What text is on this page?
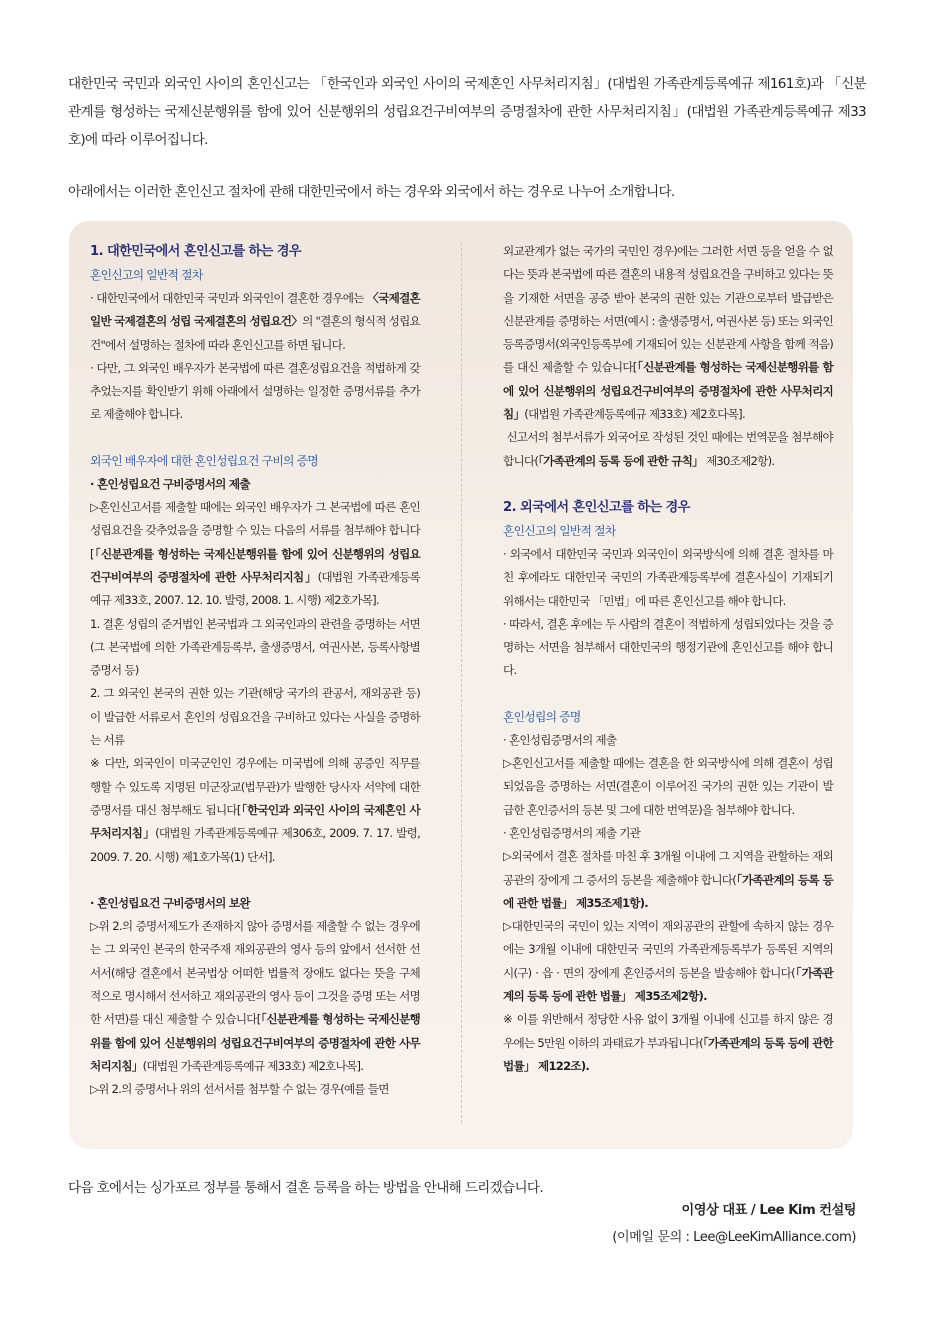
대한민국 국민과 외국인 사이의 혼인신고는 「한국인과 외국인 사이의 국제혼인 사무처리지침」(대법원 가족관계등록예규 제161호)과 「신분관계를 형성하는 국제신분행위를 함에 있어 신분행위의 성립요건구비여부의 증명절차에 관한 사무처리지침」(대법원 가족관계등록예규 제33호)에 따라 이루어집니다.
아래에서는 이러한 혼인신고 절차에 관해 대한민국에서 하는 경우와 외국에서 하는 경우로 나누어 소개합니다.

1. 대한민국에서 혼인신고를 하는 경우

혼인신고의 일반적 절차

· 대한민국에서 대한민국 국민과 외국인이 결혼한 경우에는 〈국제결혼 일반 국제결혼의 성립 국제결혼의 성립요건〉의 "결혼의 형식적 성립요건"에서 설명하는 절차에 따라 혼인신고를 하면 됩니다.

· 다만, 그 외국인 배우자가 본국법에 따른 결혼성립요건을 적법하게 갖추었는지를 확인받기 위해 아래에서 설명하는 일정한 증명서류를 추가로 제출해야 합니다.

외국인 배우자에 대한 혼인성립요건 구비의 증명

· 혼인성립요건 구비증명서의 제출

▷혼인신고서를 제출할 때에는 외국인 배우자가 그 본국법에 따른 혼인성립요건을 갖추었음을 증명할 수 있는 다음의 서류를 첨부해야 합니다[「신분관계를 형성하는 국제신분행위를 함에 있어 신분행위의 성립요건구비여부의 증명절차에 관한 사무처리지침」(대법원 가족관계등록예규 제33호, 2007. 12. 10. 발령, 2008. 1. 시행) 제2호가목].

1. 결혼 성립의 준거법인 본국법과 그 외국인과의 관련을 증명하는 서면(그 본국법에 의한 가족관계등록부, 출생증명서, 여권사본, 등록사항별 증명서 등)

2. 그 외국인 본국의 권한 있는 기관(해당 국가의 관공서, 재외공관 등)이 발급한 서류로서 혼인의 성립요건을 구비하고 있다는 사실을 증명하는 서류

※ 다만, 외국인이 미국군인인 경우에는 미국법에 의해 공증인 직무를 행할 수 있도록 지명된 미군장교(법무관)가 발행한 당사자 서약에 대한 증명서를 대신 첨부해도 됩니다[「한국인과 외국인 사이의 국제혼인 사무처리지침」(대법원 가족관계등록예규 제306호, 2009. 7. 17. 발령, 2009. 7. 20. 시행) 제1호가목(1) 단서].

· 혼인성립요건 구비증명서의 보완

▷위 2.의 증명서제도가 존재하지 않아 증명서를 제출할 수 없는 경우에는 그 외국인 본국의 한국주재 재외공관의 영사 등의 앞에서 선서한 선서서(해당 결혼에서 본국법상 어떠한 법률적 장애도 없다는 뜻을 구체적으로 명시해서 선서하고 재외공관의 영사 등이 그것을 증명 또는 서명한 서면)를 대신 제출할 수 있습니다[「신분관계를 형성하는 국제신분행위를 함에 있어 신분행위의 성립요건구비여부의 증명절차에 관한 사무처리지침」(대법원 가족관계등록예규 제33호) 제2호나목].

▷위 2.의 증명서나 위의 선서서를 첨부할 수 없는 경우(예를 들면

외교관계가 없는 국가의 국민인 경우)에는 그러한 서면 등을 얻을 수 없다는 뜻과 본국법에 따른 결혼의 내용적 성립요건을 구비하고 있다는 뜻을 기재한 서면을 공증 받아 본국의 권한 있는 기관으로부터 발급받은 신분관계를 증명하는 서면(예시 : 출생증명서, 여권사본 등) 또는 외국인등록증명서(외국인등록부에 기재되어 있는 신분관계 사항을 함께 적음)를 대신 제출할 수 있습니다[「신분관계를 형성하는 국제신분행위를 함에 있어 신분행위의 성립요건구비여부의 증명절차에 관한 사무처리지침」(대법원 가족관계등록예규 제33호) 제2호다목].

신고서의 첨부서류가 외국어로 작성된 것인 때에는 번역문을 첨부해야 합니다(「가족관계의 등록 등에 관한 규칙」 제30조제2항).

2. 외국에서 혼인신고를 하는 경우

혼인신고의 일반적 절차

· 외국에서 대한민국 국민과 외국인이 외국방식에 의해 결혼 절차를 마친 후에라도 대한민국 국민의 가족관계등록부에 결혼사실이 기재되기 위해서는 대한민국 「민법」에 따른 혼인신고를 해야 합니다.

· 따라서, 결혼 후에는 두 사람의 결혼이 적법하게 성립되었다는 것을 증명하는 서면을 첨부해서 대한민국의 행정기관에 혼인신고를 해야 합니다.

혼인성립의 증명

· 혼인성립증명서의 제출

▷혼인신고서를 제출할 때에는 결혼을 한 외국방식에 의해 결혼이 성립되었음을 증명하는 서면(결혼이 이루어진 국가의 권한 있는 기관이 발급한 혼인증서의 등본 및 그에 대한 번역문)을 첨부해야 합니다.

· 혼인성립증명서의 제출 기관

▷외국에서 결혼 절차를 마친 후 3개월 이내에 그 지역을 관할하는 재외공관의 장에게 그 증서의 등본을 제출해야 합니다(「가족관계의 등록 등에 관한 법률」 제35조제1항).

▷대한민국의 국민이 있는 지역이 재외공관의 관할에 속하지 않는 경우에는 3개월 이내에 대한민국 국민의 가족관계등록부가 등록된 지역의 시(구) · 읍 · 면의 장에게 혼인증서의 등본을 발송해야 합니다(「가족관계의 등록 등에 관한 법률」 제35조제2항).

※ 이를 위반해서 정당한 사유 없이 3개월 이내에 신고를 하지 않은 경우에는 5만원 이하의 과태료가 부과됩니다(「가족관계의 등록 등에 관한 법률」 제122조).

다음 호에서는 싱가포르 정부를 통해서 결혼 등록을 하는 방법을 안내해 드리겠습니다.
이영상 대표 / Lee Kim 컨설팅
(이메일 문의 : Lee@LeeKimAlliance.com)
